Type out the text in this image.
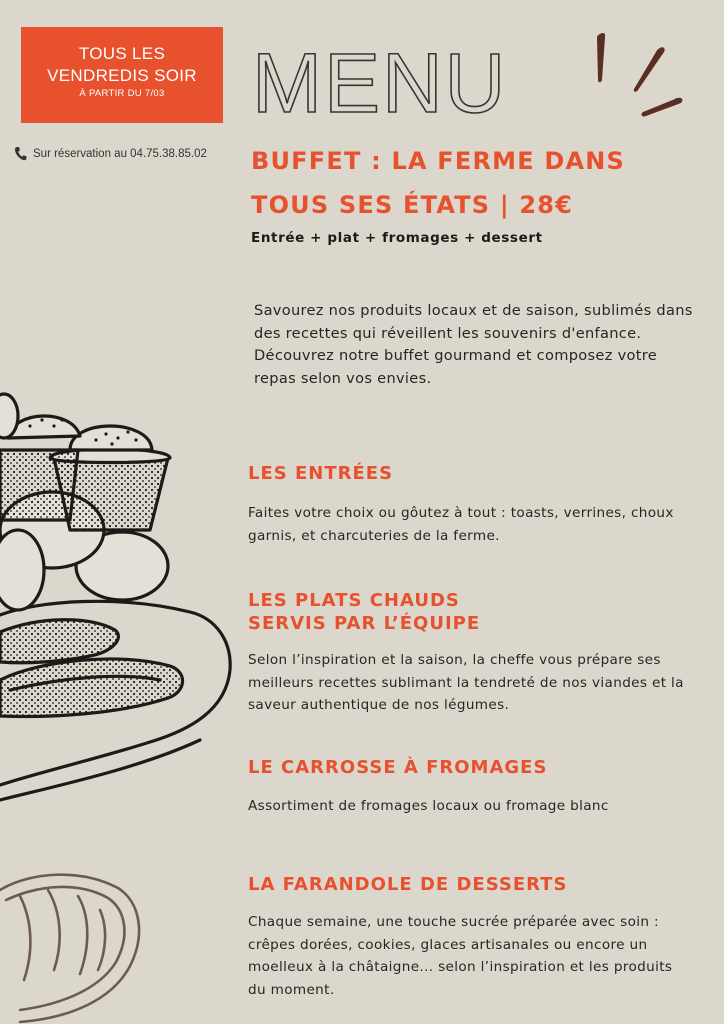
TOUS LES
VENDREDIS SOIR
À PARTIR DU 7/03
Sur réservation au 04.75.38.85.02
MENU
BUFFET : LA FERME DANS
TOUS SES ÉTATS | 28€
Entrée + plat + fromages + dessert
Savourez nos produits locaux et de saison, sublimés dans des recettes qui réveillent les souvenirs d'enfance. Découvrez notre buffet gourmand et composez votre repas selon vos envies.
LES ENTRÉES

Faites votre choix ou gôutez à tout : toasts, verrines, choux garnis, et charcuteries de la ferme.

LES PLATS CHAUDS
SERVIS PAR L’ÉQUIPE

Selon l’inspiration et la saison, la cheffe vous prépare ses meilleurs recettes sublimant la tendreté de nos viandes et la saveur authentique de nos légumes.

LE CARROSSE À FROMAGES

Assortiment de fromages locaux ou fromage blanc

LA FARANDOLE DE DESSERTS

Chaque semaine, une touche sucrée préparée avec soin : crêpes dorées, cookies, glaces artisanales ou encore un moelleux à la châtaigne... selon l’inspiration et les produits du moment.
